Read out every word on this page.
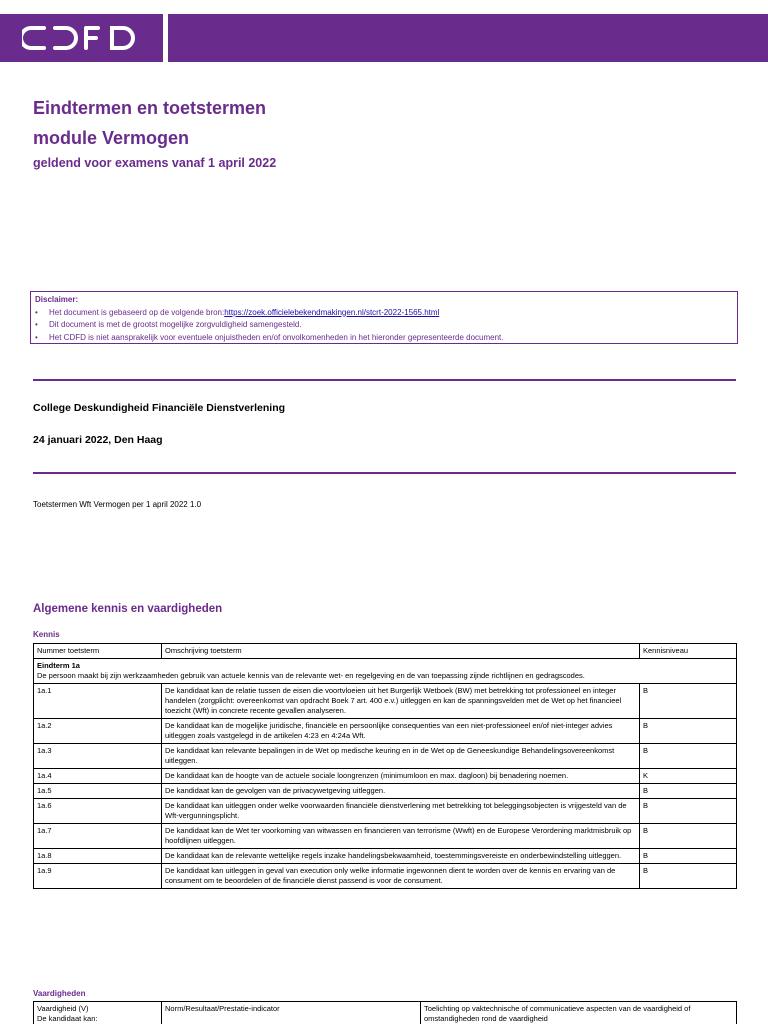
Eindtermen en toetstermen
module Vermogen
geldend voor examens vanaf 1 april 2022
Disclaimer:
•	Het document is gebaseerd op de volgende bron: https://zoek.officielebekendmakingen.nl/stcrt-2022-1565.html
•	Dit document is met de grootst mogelijke zorgvuldigheid samengesteld.
•	Het CDFD is niet aansprakelijk voor eventuele onjuistheden en/of onvolkomenheden in het hieronder gepresenteerde document.
College Deskundigheid Financiële Dienstverlening
24 januari 2022, Den Haag
Toetstermen Wft Vermogen per 1 april 2022 1.0
Algemene kennis en vaardigheden
Kennis
Nummer toetsterm	Omschrijving toetsterm	Kennisniveau

Eindterm 1a
De persoon maakt bij zijn werkzaamheden gebruik van actuele kennis van de relevante wet- en regelgeving en de van toepassing zijnde richtlijnen en gedragscodes.		

1a.1	De kandidaat kan de relatie tussen de eisen die voortvloeien uit het Burgerlijk Wetboek (BW) met betrekking tot professioneel en integer handelen (zorgplicht: overeenkomst van opdracht Boek 7 art. 400 e.v.) uitleggen en kan de spanningsvelden met de Wet op het financieel toezicht (Wft) in concrete recente gevallen analyseren.	B
1a.2	De kandidaat kan de mogelijke juridische, financiële en persoonlijke consequenties van een niet-professioneel en/of niet-integer advies uitleggen zoals vastgelegd in de artikelen 4:23 en 4:24a Wft.	B
1a.3	De kandidaat kan relevante bepalingen in de Wet op medische keuring en in de Wet op de Geneeskundige Behandelingsovereenkomst uitleggen.	B
1a.4	De kandidaat kan de hoogte van de actuele sociale loongrenzen (minimumloon en max. dagloon) bij benadering noemen.	K
1a.5	De kandidaat kan de gevolgen van de privacywetgeving uitleggen.	B
1a.6	De kandidaat kan uitleggen onder welke voorwaarden financiële dienstverlening met betrekking tot beleggingsobjecten is vrijgesteld van de Wft-vergunningsplicht.	B
1a.7	De kandidaat kan de Wet ter voorkoming van witwassen en financieren van terrorisme (Wwft) en de Europese Verordening marktmisbruik op hoofdlijnen uitleggen.	B
1a.8	De kandidaat kan de relevante wettelijke regels inzake handelingsbekwaamheid, toestemmingsvereiste en onderbewindstelling uitleggen.	B
1a.9	De kandidaat kan uitleggen in geval van execution only welke informatie ingewonnen dient te worden over de kennis en ervaring van de consument om te beoordelen of de financiële dienst passend is voor de consument.	B
Vaardigheden
Vaardigheid (V)
De kandidaat kan:	Norm/Resultaat/Prestatie-indicator	Toelichting op vaktechnische of communicatieve aspecten van de vaardigheid of omstandigheden rond de vaardigheid
